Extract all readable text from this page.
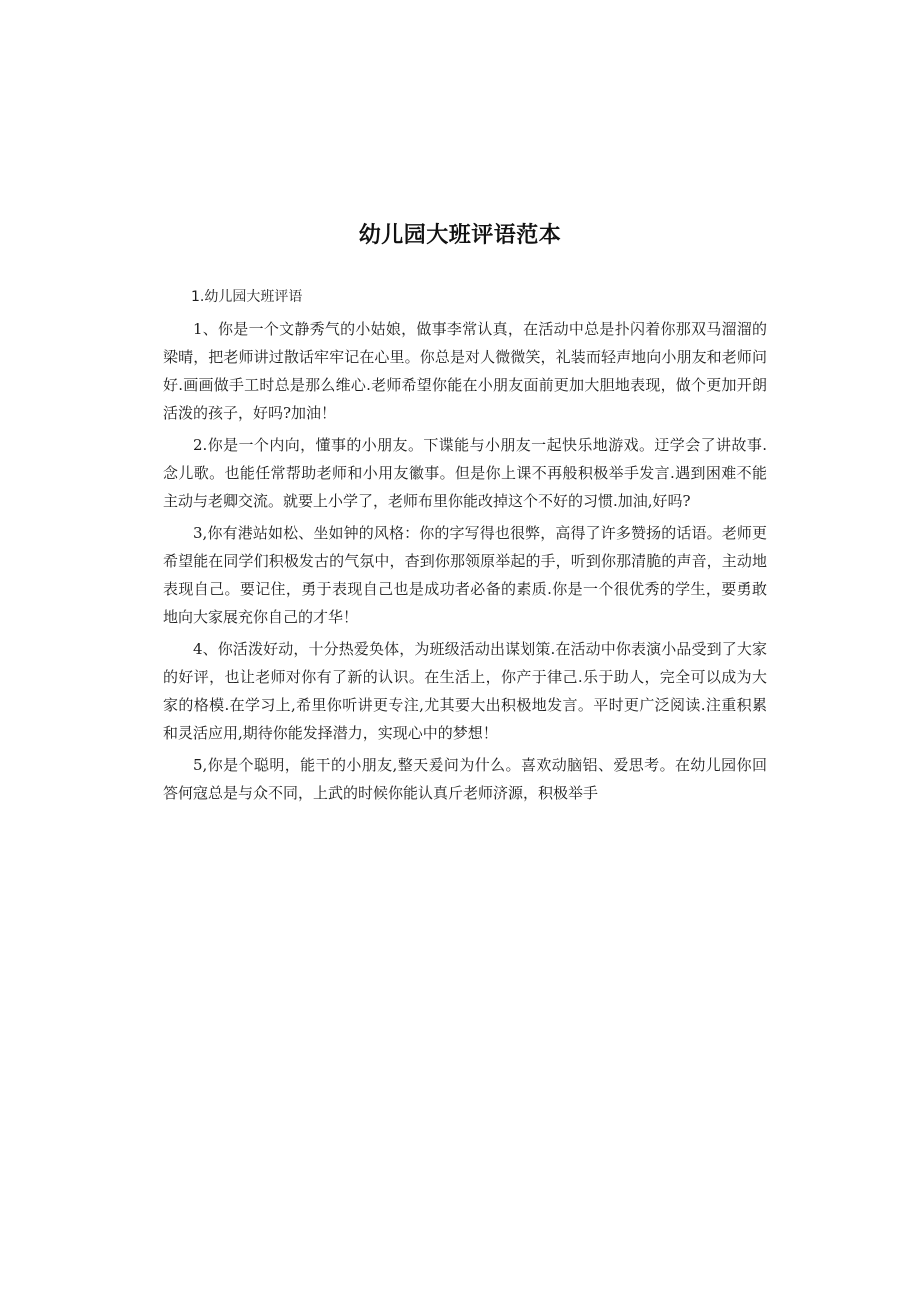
幼儿园大班评语范本

1.幼儿园大班评语

1、你是一个文静秀气的小姑娘，做事李常认真，在活动中总是扑闪着你那双马溜溜的梁晴，把老师讲过散话牢牢记在心里。你总是对人微微笑，礼装而轻声地向小朋友和老师问好.画画做手工时总是那么维心.老师希望你能在小朋友面前更加大胆地表现，做个更加开朗活泼的孩子，好吗?加油！

2.你是一个内向，懂事的小朋友。下谍能与小朋友一起快乐地游戏。迂学会了讲故事.念儿歌。也能任常帮助老师和小用友徽事。但是你上课不再般积极举手发言.遇到困难不能主动与老卿交流。就要上小学了，老师布里你能改掉这个不好的习惯.加油,好吗?

3,你有港站如松、坐如钟的风格：你的字写得也很弊，高得了许多赞扬的话语。老师更希望能在同学们积极发古的气氛中，杳到你那领原举起的手，听到你那清脆的声音，主动地表现自己。要记住，勇于表现自己也是成功者必备的素质.你是一个很优秀的学生，要勇敢地向大家展充你自己的才华！

4、你活泼好动，十分热爱奂体，为班级活动出谋划策.在活动中你表演小品受到了大家的好评，也让老师对你有了新的认识。在生活上，你产于律己.乐于助人，完全可以成为大家的格模.在学习上,希里你听讲更专注,尤其要大出积极地发言。平时更广泛阅读.注重积累和灵活应用,期待你能发择潜力，实现心中的梦想！

5,你是个聪明，能干的小朋友,整天爰问为什么。喜欢动脑铝、爱思考。在幼儿园你回答何寇总是与众不同，上武的时候你能认真斤老师济源，积极举手
